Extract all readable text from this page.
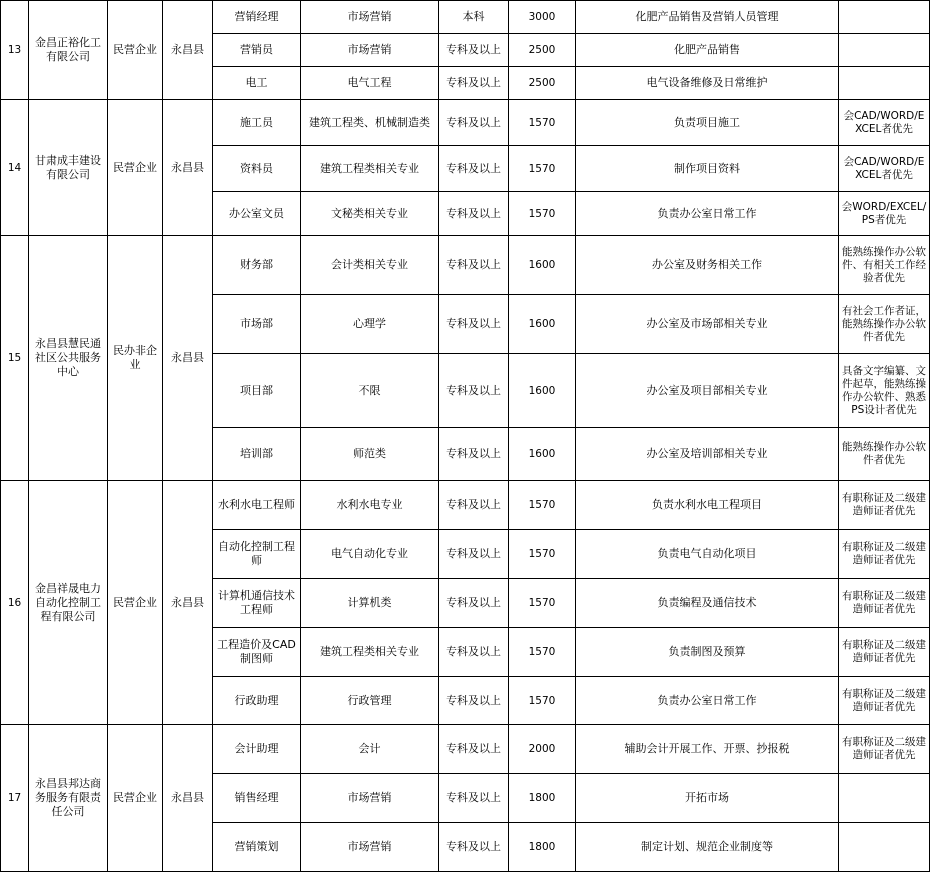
13	金昌正裕化工有限公司	民营企业	永昌县	营销经理	市场营销	本科	3000	化肥产品销售及营销人员管理	
				营销员	市场营销	专科及以上	2500	化肥产品销售	
				电工	电气工程	专科及以上	2500	电气设备维修及日常维护	
14	甘肃成丰建设有限公司	民营企业	永昌县	施工员	建筑工程类、机械制造类	专科及以上	1570	负责项目施工	会CAD/WORD/EXCEL者优先
				资料员	建筑工程类相关专业	专科及以上	1570	制作项目资料	会CAD/WORD/EXCEL者优先
				办公室文员	文秘类相关专业	专科及以上	1570	负责办公室日常工作	会WORD/EXCEL/PS者优先
15	永昌县慧民通社区公共服务中心	民办非企业	永昌县	财务部	会计类相关专业	专科及以上	1600	办公室及财务相关工作	能熟练操作办公软件、有相关工作经验者优先
				市场部	心理学	专科及以上	1600	办公室及市场部相关专业	有社会工作者证，能熟练操作办公软件者优先
				项目部	不限	专科及以上	1600	办公室及项目部相关专业	具备文字编纂、文件起草，能熟练操作办公软件、熟悉PS设计者优先
				培训部	师范类	专科及以上	1600	办公室及培训部相关专业	能熟练操作办公软件者优先
16	金昌祥晟电力自动化控制工程有限公司	民营企业	永昌县	水利水电工程师	水利水电专业	专科及以上	1570	负责水利水电工程项目	有职称证及二级建造师证者优先
				自动化控制工程师	电气自动化专业	专科及以上	1570	负责电气自动化项目	有职称证及二级建造师证者优先
				计算机通信技术工程师	计算机类	专科及以上	1570	负责编程及通信技术	有职称证及二级建造师证者优先
				工程造价及CAD制图师	建筑工程类相关专业	专科及以上	1570	负责制图及预算	有职称证及二级建造师证者优先
				行政助理	行政管理	专科及以上	1570	负责办公室日常工作	有职称证及二级建造师证者优先
17	永昌县邦达商务服务有限责任公司	民营企业	永昌县	会计助理	会计	专科及以上	2000	辅助会计开展工作、开票、抄报税	有职称证及二级建造师证者优先
				销售经理	市场营销	专科及以上	1800	开拓市场	
				营销策划	市场营销	专科及以上	1800	制定计划、规范企业制度等	
